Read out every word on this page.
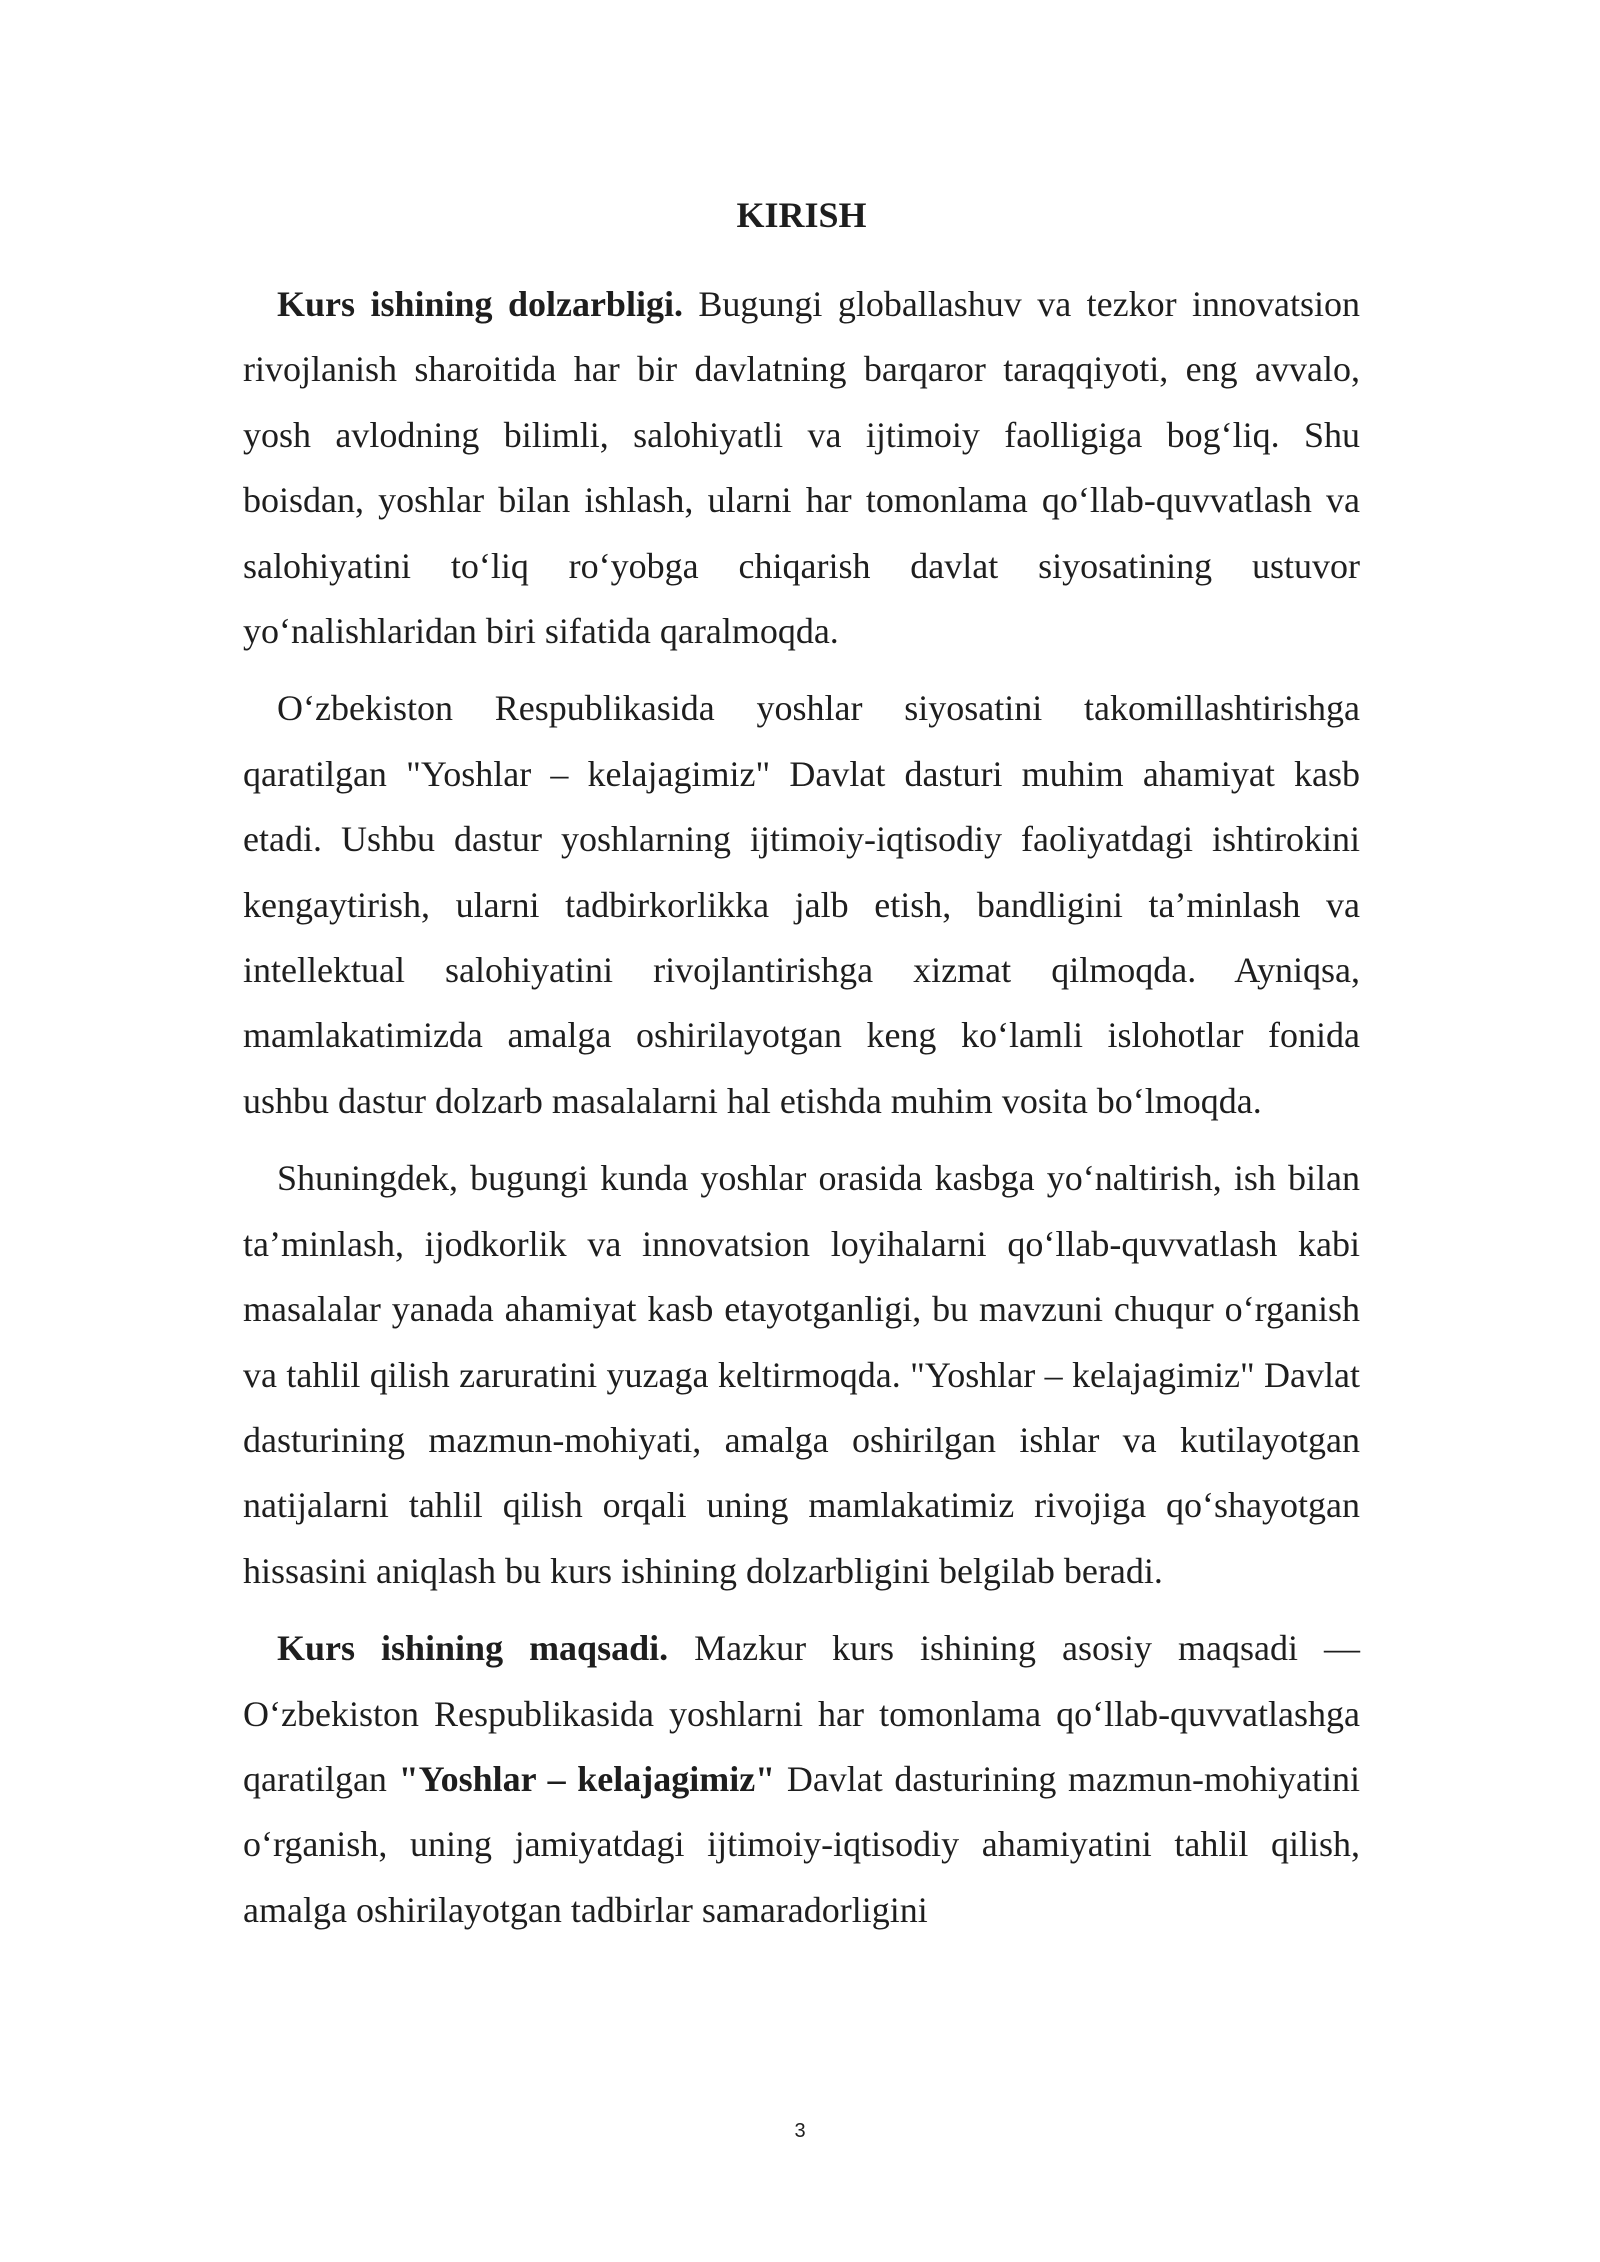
KIRISH

Kurs ishining dolzarbligi. Bugungi globallashuv va tezkor innovatsion rivojlanish sharoitida har bir davlatning barqaror taraqqiyoti, eng avvalo, yosh avlodning bilimli, salohiyatli va ijtimoiy faolligiga bog‘liq. Shu boisdan, yoshlar bilan ishlash, ularni har tomonlama qo‘llab-quvvatlash va salohiyatini to‘liq ro‘yobga chiqarish davlat siyosatining ustuvor yo‘nalishlaridan biri sifatida qaralmoqda.

O‘zbekiston Respublikasida yoshlar siyosatini takomillashtirishga qaratilgan "Yoshlar – kelajagimiz" Davlat dasturi muhim ahamiyat kasb etadi. Ushbu dastur yoshlarning ijtimoiy-iqtisodiy faoliyatdagi ishtirokini kengaytirish, ularni tadbirkorlikka jalb etish, bandligini ta’minlash va intellektual salohiyatini rivojlantirishga xizmat qilmoqda. Ayniqsa, mamlakatimizda amalga oshirilayotgan keng ko‘lamli islohotlar fonida ushbu dastur dolzarb masalalarni hal etishda muhim vosita bo‘lmoqda.

Shuningdek, bugungi kunda yoshlar orasida kasbga yo‘naltirish, ish bilan ta’minlash, ijodkorlik va innovatsion loyihalarni qo‘llab-quvvatlash kabi masalalar yanada ahamiyat kasb etayotganligi, bu mavzuni chuqur o‘rganish va tahlil qilish zaruratini yuzaga keltirmoqda. "Yoshlar – kelajagimiz" Davlat dasturining mazmun-mohiyati, amalga oshirilgan ishlar va kutilayotgan natijalarni tahlil qilish orqali uning mamlakatimiz rivojiga qo‘shayotgan hissasini aniqlash bu kurs ishining dolzarbligini belgilab beradi.

Kurs ishining maqsadi. Mazkur kurs ishining asosiy maqsadi — O‘zbekiston Respublikasida yoshlarni har tomonlama qo‘llab-quvvatlashga qaratilgan "Yoshlar – kelajagimiz" Davlat dasturining mazmun-mohiyatini o‘rganish, uning jamiyatdagi ijtimoiy-iqtisodiy ahamiyatini tahlil qilish, amalga oshirilayotgan tadbirlar samaradorligini

3
